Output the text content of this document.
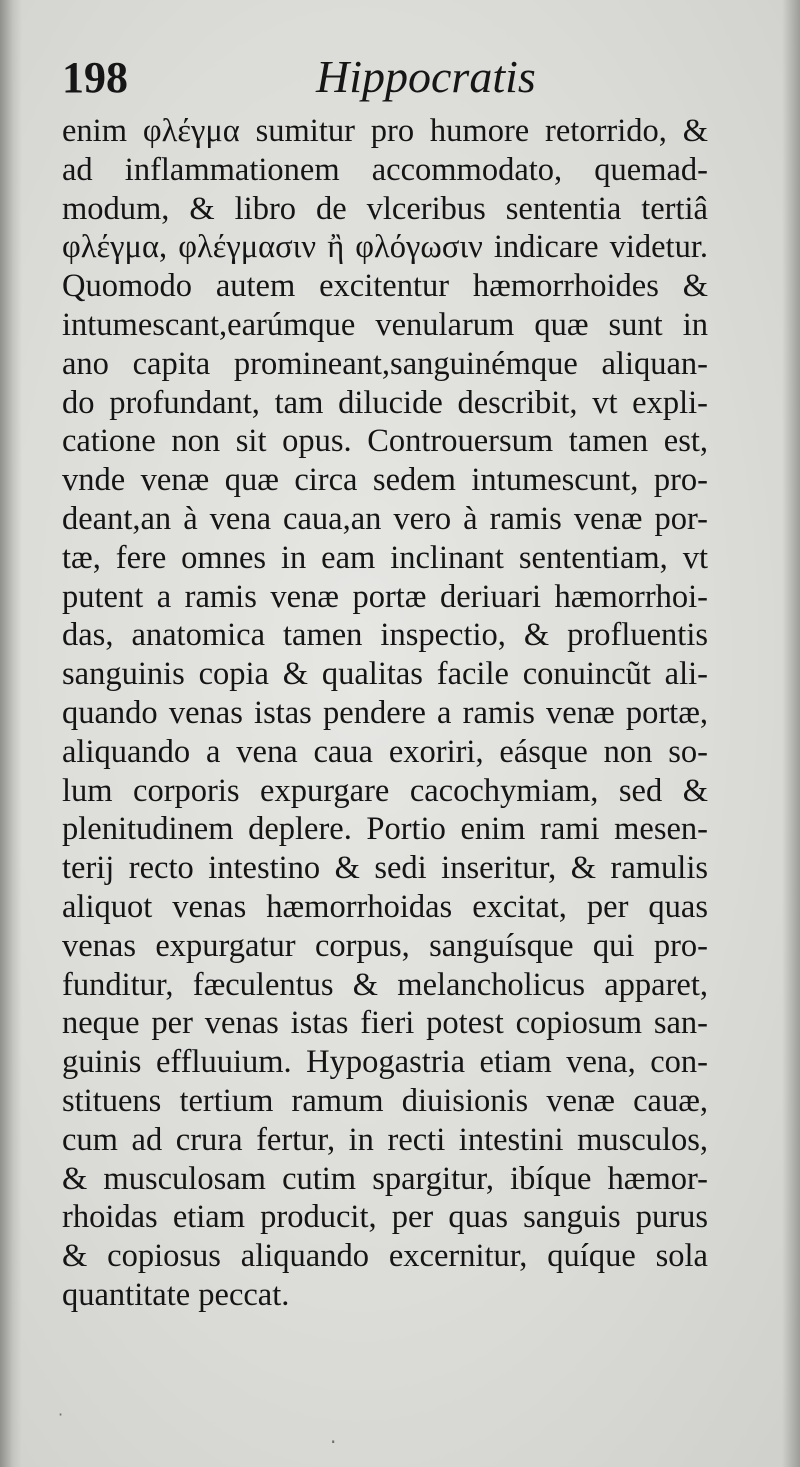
198	Hippocratis
enim φλέγμα sumitur pro humore retorrido, &
ad inflammationem accommodato, quemad-
modum, & libro de vlceribus sententia tertiâ
φλέγμα, φλέγμασιν ἢ φλόγωσιν indicare videtur.
Quomodo autem excitentur hæmorrhoides &
intumescant,earúmque venularum quæ sunt in
ano capita promineant,sanguinémque aliquan-
do profundant, tam dilucide describit, vt expli-
catione non sit opus. Controuersum tamen est,
vnde venæ quæ circa sedem intumescunt, pro-
deant,an à vena caua,an vero à ramis venæ por-
tæ, fere omnes in eam inclinant sententiam, vt
putent a ramis venæ portæ deriuari hæmorrhoi-
das, anatomica tamen inspectio, & profluentis
sanguinis copia & qualitas facile conuincũt ali-
quando venas istas pendere a ramis venæ portæ,
aliquando a vena caua exoriri, eásque non so-
lum corporis expurgare cacochymiam, sed &
plenitudinem deplere. Portio enim rami mesen-
terij recto intestino & sedi inseritur, & ramulis
aliquot venas hæmorrhoidas excitat, per quas
venas expurgatur corpus, sanguísque qui pro-
funditur, fæculentus & melancholicus apparet,
neque per venas istas fieri potest copiosum san-
guinis effluuium. Hypogastria etiam vena, con-
stituens tertium ramum diuisionis venæ cauæ,
cum ad crura fertur, in recti intestini musculos,
& musculosam cutim spargitur, ibíque hæmor-
rhoidas etiam producit, per quas sanguis purus
& copiosus aliquando excernitur, quíque sola
quantitate peccat.
·
·
